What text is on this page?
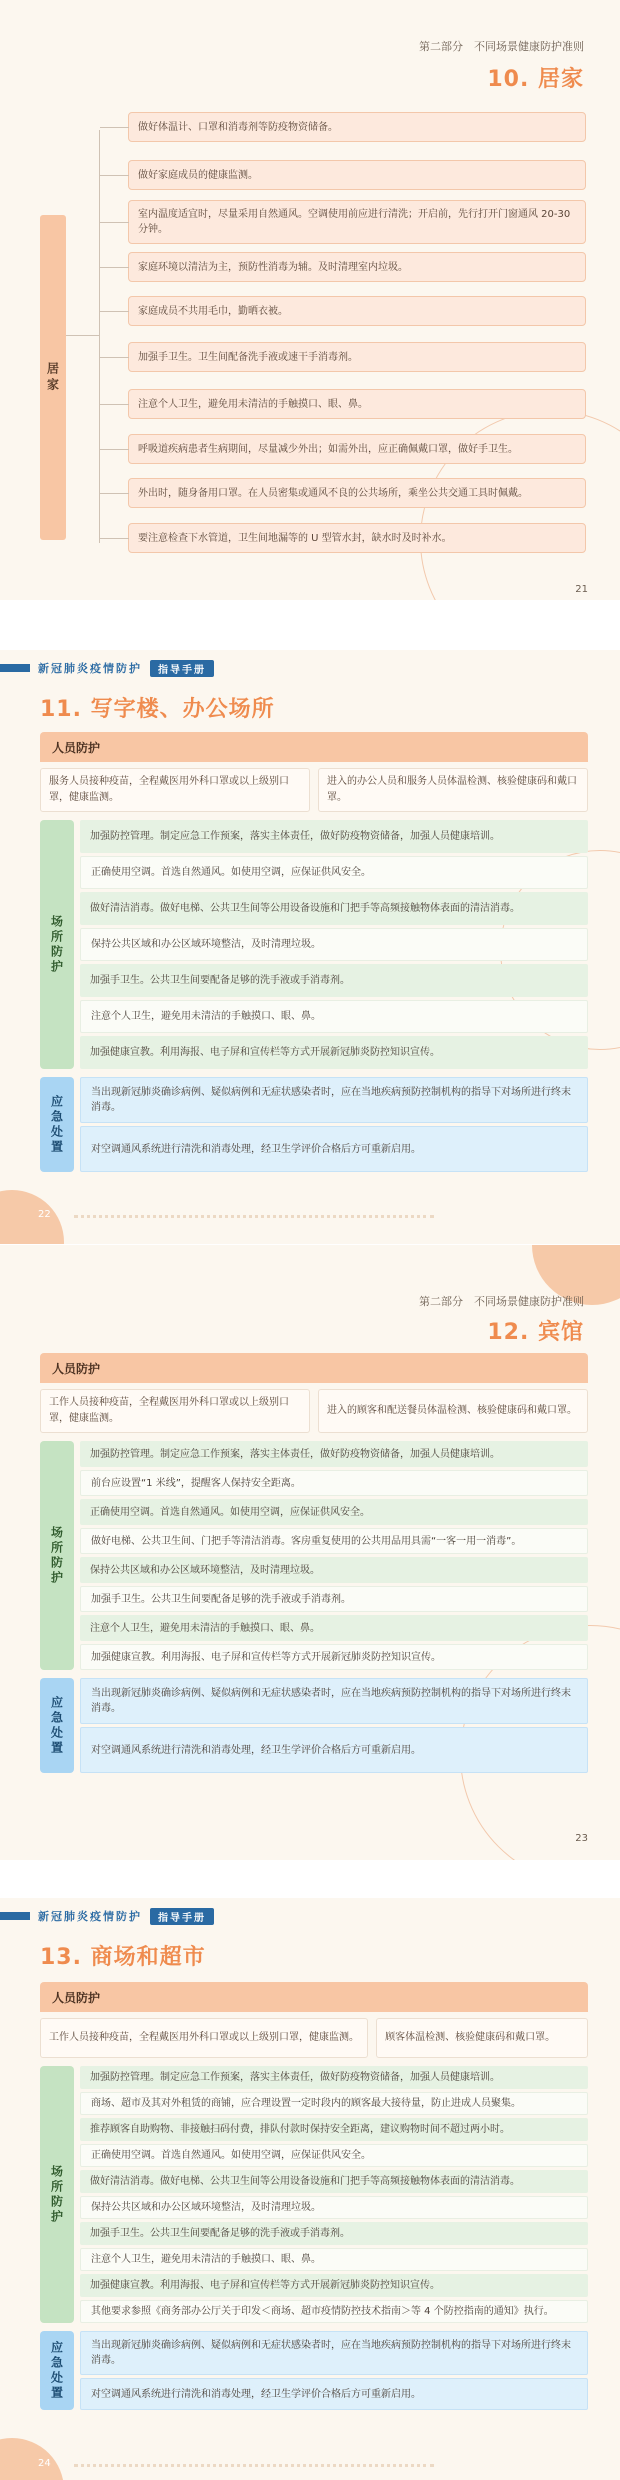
第二部分　不同场景健康防护准则
10. 居家
居家
做好体温计、口罩和消毒剂等防疫物资储备。
做好家庭成员的健康监测。
室内温度适宜时，尽量采用自然通风。空调使用前应进行清洗；开启前，先行打开门窗通风 20-30 分钟。
家庭环境以清洁为主，预防性消毒为辅。及时清理室内垃圾。
家庭成员不共用毛巾，勤晒衣被。
加强手卫生。卫生间配备洗手液或速干手消毒剂。
注意个人卫生，避免用未清洁的手触摸口、眼、鼻。
呼吸道疾病患者生病期间，尽量减少外出；如需外出，应正确佩戴口罩，做好手卫生。
外出时，随身备用口罩。在人员密集或通风不良的公共场所，乘坐公共交通工具时佩戴。
要注意检查下水管道，卫生间地漏等的 U 型管水封，缺水时及时补水。
21
新冠肺炎疫情防护	指导手册
11. 写字楼、办公场所
人员防护
服务人员接种疫苗，全程戴医用外科口罩或以上级别口罩，健康监测。
进入的办公人员和服务人员体温检测、核验健康码和戴口罩。
场所防护
加强防控管理。制定应急工作预案，落实主体责任，做好防疫物资储备，加强人员健康培训。
正确使用空调。首选自然通风。如使用空调，应保证供风安全。
做好清洁消毒。做好电梯、公共卫生间等公用设备设施和门把手等高频接触物体表面的清洁消毒。
保持公共区域和办公区域环境整洁，及时清理垃圾。
加强手卫生。公共卫生间要配备足够的洗手液或手消毒剂。
注意个人卫生，避免用未清洁的手触摸口、眼、鼻。
加强健康宣教。利用海报、电子屏和宣传栏等方式开展新冠肺炎防控知识宣传。
应急处置
当出现新冠肺炎确诊病例、疑似病例和无症状感染者时，应在当地疾病预防控制机构的指导下对场所进行终末消毒。
对空调通风系统进行清洗和消毒处理，经卫生学评价合格后方可重新启用。
22
第二部分　不同场景健康防护准则
12. 宾馆
人员防护
工作人员接种疫苗，全程戴医用外科口罩或以上级别口罩，健康监测。
进入的顾客和配送餐员体温检测、核验健康码和戴口罩。
场所防护
加强防控管理。制定应急工作预案，落实主体责任，做好防疫物资储备，加强人员健康培训。
前台应设置“1 米线”，提醒客人保持安全距离。
正确使用空调。首选自然通风。如使用空调，应保证供风安全。
做好电梯、公共卫生间、门把手等清洁消毒。客房重复使用的公共用品用具需“一客一用一消毒”。
保持公共区域和办公区域环境整洁，及时清理垃圾。
加强手卫生。公共卫生间要配备足够的洗手液或手消毒剂。
注意个人卫生，避免用未清洁的手触摸口、眼、鼻。
加强健康宣教。利用海报、电子屏和宣传栏等方式开展新冠肺炎防控知识宣传。
应急处置
当出现新冠肺炎确诊病例、疑似病例和无症状感染者时，应在当地疾病预防控制机构的指导下对场所进行终末消毒。
对空调通风系统进行清洗和消毒处理，经卫生学评价合格后方可重新启用。
23
新冠肺炎疫情防护	指导手册
13. 商场和超市
人员防护
工作人员接种疫苗，全程戴医用外科口罩或以上级别口罩，健康监测。	顾客体温检测、核验健康码和戴口罩。
场所防护
加强防控管理。制定应急工作预案，落实主体责任，做好防疫物资储备，加强人员健康培训。
商场、超市及其对外租赁的商铺，应合理设置一定时段内的顾客最大接待量，防止进成人员聚集。
推荐顾客自助购物、非接触扫码付费，排队付款时保持安全距离，建议购物时间不超过两小时。
正确使用空调。首选自然通风。如使用空调，应保证供风安全。
做好清洁消毒。做好电梯、公共卫生间等公用设备设施和门把手等高频接触物体表面的清洁消毒。
保持公共区域和办公区域环境整洁，及时清理垃圾。
加强手卫生。公共卫生间要配备足够的洗手液或手消毒剂。
注意个人卫生，避免用未清洁的手触摸口、眼、鼻。
加强健康宣教。利用海报、电子屏和宣传栏等方式开展新冠肺炎防控知识宣传。
其他要求参照《商务部办公厅关于印发＜商场、超市疫情防控技术指南＞等 4 个防控指南的通知》执行。
应急处置	当出现新冠肺炎确诊病例、疑似病例和无症状感染者时，应在当地疾病预防控制机构的指导下对场所进行终末消毒。
对空调通风系统进行清洗和消毒处理，经卫生学评价合格后方可重新启用。
24
